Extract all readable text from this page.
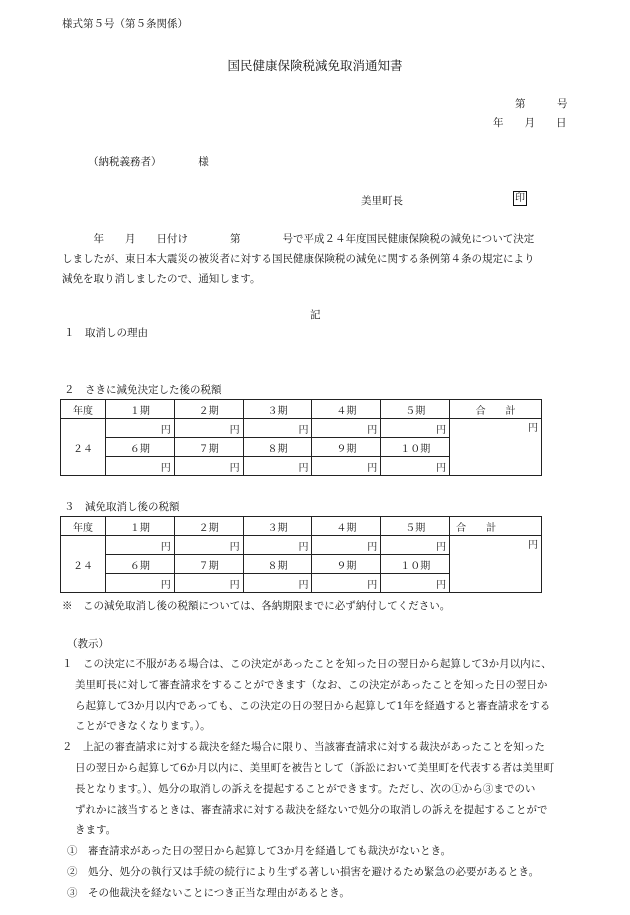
様式第５号（第５条関係）
国民健康保険税減免取消通知書
第　　　号
年　　月　　日
（納税義務者）　　　　様
美里町長	印
　　　年　　月　　日付け　　　　第　　　　号で平成２４年度国民健康保険税の減免について決定
しましたが、東日本大震災の被災者に対する国民健康保険税の減免に関する条例第４条の規定により
減免を取り消しましたので、通知します。
記
１　取消しの理由
２　さきに減免決定した後の税額
年度	１期	２期	３期	４期	５期	合　　計
２４	円	円	円	円	円	円
	６期	７期	８期	９期	１０期	
	円	円	円	円	円	
３　減免取消し後の税額
年度	１期	２期	３期	４期	５期	合　　計
２４	円	円	円	円	円	円
	６期	７期	８期	９期	１０期	
	円	円	円	円	円	
※　この減免取消し後の税額については、各納期限までに必ず納付してください。
（教示）

１　この決定に不服がある場合は、この決定があったことを知った日の翌日から起算して3か月以内に、

美里町長に対して審査請求をすることができます（なお、この決定があったことを知った日の翌日か

ら起算して3か月以内であっても、この決定の日の翌日から起算して1年を経過すると審査請求をする

ことができなくなります。）。

２　上記の審査請求に対する裁決を経た場合に限り、当該審査請求に対する裁決があったことを知った

日の翌日から起算して6か月以内に、美里町を被告として（訴訟において美里町を代表する者は美里町

長となります。）、処分の取消しの訴えを提起することができます。ただし、次の①から③までのい

ずれかに該当するときは、審査請求に対する裁決を経ないで処分の取消しの訴えを提起することがで

きます。

①　審査請求があった日の翌日から起算して3か月を経過しても裁決がないとき。

②　処分、処分の執行又は手続の続行により生ずる著しい損害を避けるため緊急の必要があるとき。

③　その他裁決を経ないことにつき正当な理由があるとき。
